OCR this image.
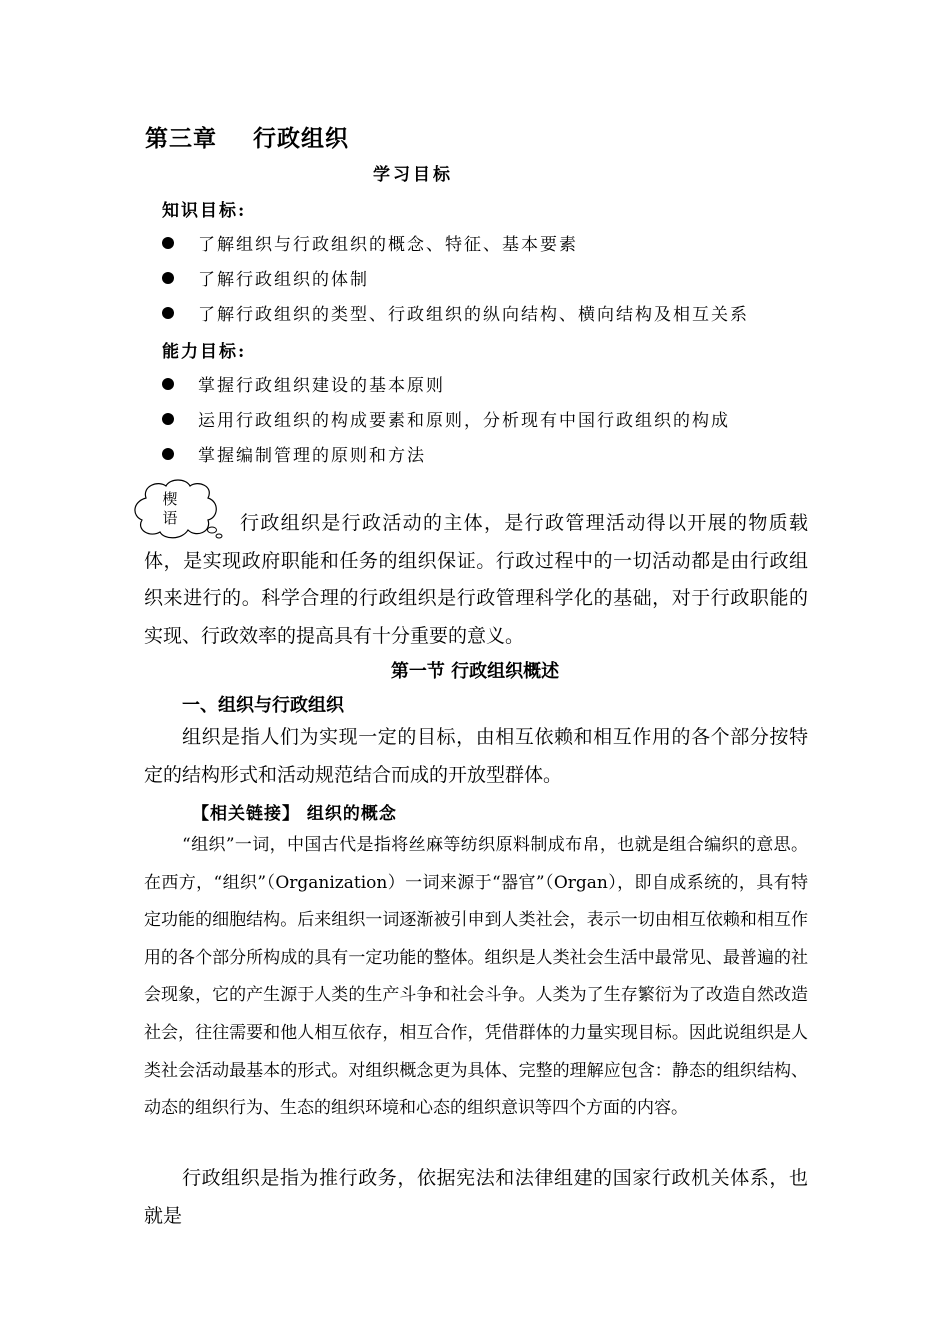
第三章    行政组织
学习目标
知识目标:
了解组织与行政组织的概念、特征、基本要素
了解行政组织的体制
了解行政组织的类型、行政组织的纵向结构、横向结构及相互关系
能力目标:
掌握行政组织建设的基本原则
运用行政组织的构成要素和原则，分析现有中国行政组织的构成
掌握编制管理的原则和方法
楔
语	行政组织是行政活动的主体，是行政管理活动得以开展的物质载体，是实现政府职能和任务的组织保证。行政过程中的一切活动都是由行政组织来进行的。科学合理的行政组织是行政管理科学化的基础，对于行政职能的实现、行政效率的提高具有十分重要的意义。
第一节 行政组织概述
一、组织与行政组织
组织是指人们为实现一定的目标，由相互依赖和相互作用的各个部分按特定的结构形式和活动规范结合而成的开放型群体。
【相关链接】 组织的概念
“组织”一词，中国古代是指将丝麻等纺织原料制成布帛，也就是组合编织的意思。在西方，“组织”（Organization）一词来源于“器官”（Organ），即自成系统的，具有特定功能的细胞结构。后来组织一词逐渐被引申到人类社会，表示一切由相互依赖和相互作用的各个部分所构成的具有一定功能的整体。组织是人类社会生活中最常见、最普遍的社会现象，它的产生源于人类的生产斗争和社会斗争。人类为了生存繁衍为了改造自然改造社会，往往需要和他人相互依存，相互合作，凭借群体的力量实现目标。因此说组织是人类社会活动最基本的形式。对组织概念更为具体、完整的理解应包含：静态的组织结构、动态的组织行为、生态的组织环境和心态的组织意识等四个方面的内容。
行政组织是指为推行政务，依据宪法和法律组建的国家行政机关体系，也就是
